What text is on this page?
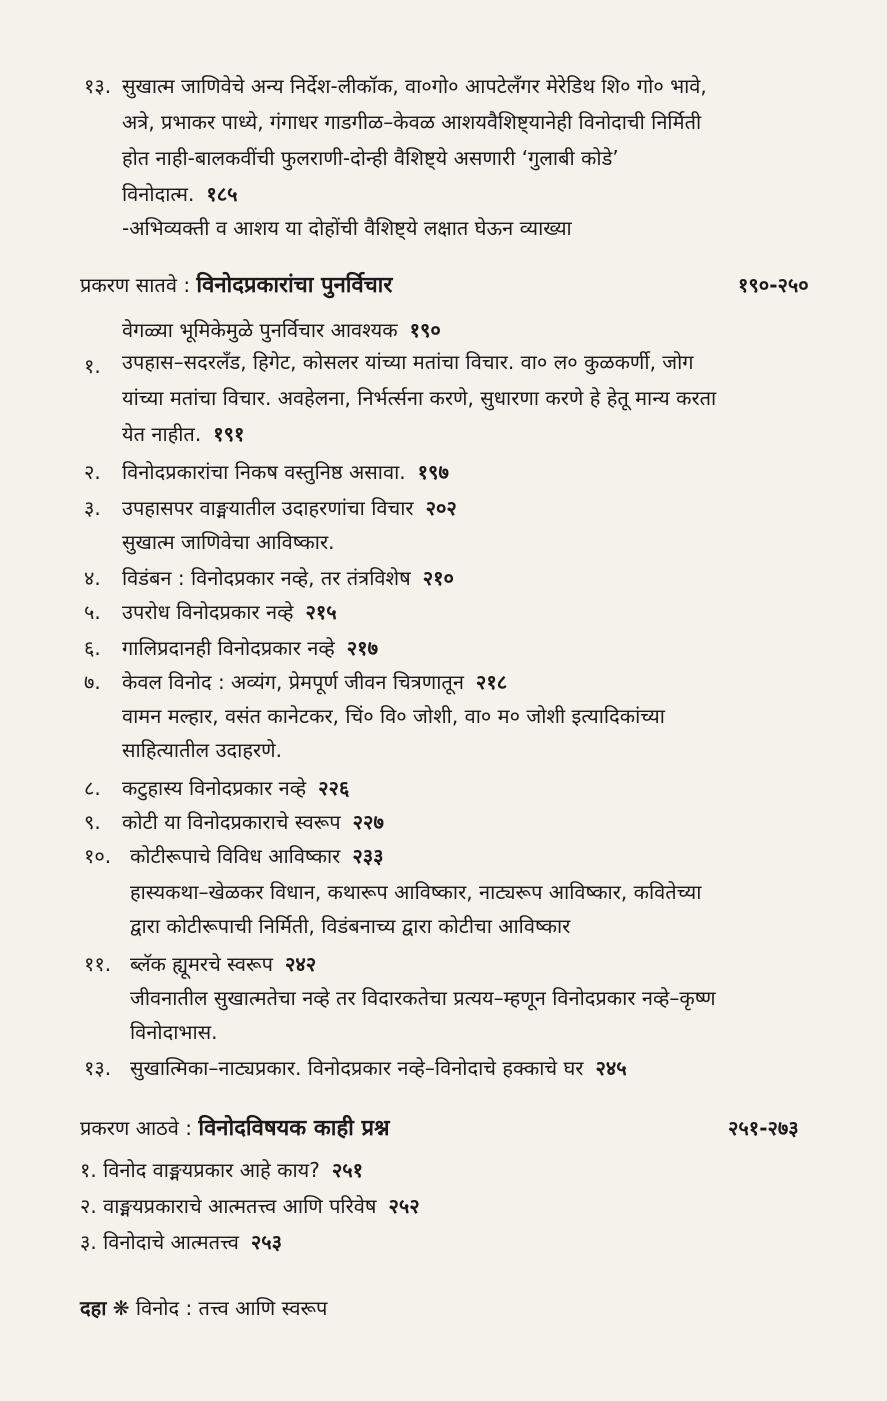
१३. सुखात्म जाणिवेचे अन्य निर्देश-लीकॉक, वा०गो० आपटेलँगर मेरेडिथ शि० गो० भावे,
अत्रे, प्रभाकर पाध्ये, गंगाधर गाडगीळ–केवळ आशयवैशिष्ट्यानेही विनोदाची निर्मिती
होत नाही-बालकवींची फुलराणी-दोन्ही वैशिष्ट्ये असणारी ‘गुलाबी कोडे’
विनोदात्म. १८५
-अभिव्यक्ती व आशय या दोहोंची वैशिष्ट्ये लक्षात घेऊन व्याख्या
प्रकरण सातवे : विनोदप्रकारांचा पुनर्विचार	१९०-२५०
वेगळ्या भूमिकेमुळे पुनर्विचार आवश्यक १९०
१. उपहास–सदरलँड, हिगेट, कोसलर यांच्या मतांचा विचार. वा० ल० कुळकर्णी, जोग
यांच्या मतांचा विचार. अवहेलना, निर्भर्त्सना करणे, सुधारणा करणे हे हेतू मान्य करता
येत नाहीत. १९१
२. विनोदप्रकारांचा निकष वस्तुनिष्ठ असावा. १९७
३. उपहासपर वाङ्मयातील उदाहरणांचा विचार २०२
सुखात्म जाणिवेचा आविष्कार.
४. विडंबन : विनोदप्रकार नव्हे, तर तंत्रविशेष २१०
५. उपरोध विनोदप्रकार नव्हे २१५
६. गालिप्रदानही विनोदप्रकार नव्हे २१७
७. केवल विनोद : अव्यंग, प्रेमपूर्ण जीवन चित्रणातून २१८
वामन मल्हार, वसंत कानेटकर, चिं० वि० जोशी, वा० म० जोशी इत्यादिकांच्या
साहित्यातील उदाहरणे.
८. कटुहास्य विनोदप्रकार नव्हे २२६
९. कोटी या विनोदप्रकाराचे स्वरूप २२७
१०. कोटीरूपाचे विविध आविष्कार २३३
हास्यकथा–खेळकर विधान, कथारूप आविष्कार, नाट्यरूप आविष्कार, कवितेच्या
द्वारा कोटीरूपाची निर्मिती, विडंबनाच्य द्वारा कोटीचा आविष्कार
११. ब्लॅक ह्यूमरचे स्वरूप २४२
जीवनातील सुखात्मतेचा नव्हे तर विदारकतेचा प्रत्यय–म्हणून विनोदप्रकार नव्हे–कृष्ण
विनोदाभास.
१३. सुखात्मिका–नाट्यप्रकार. विनोदप्रकार नव्हे–विनोदाचे हक्काचे घर २४५
प्रकरण आठवे : विनोदविषयक काही प्रश्न	२५१-२७३
१. विनोद वाङ्मयप्रकार आहे काय? २५१
२. वाङ्मयप्रकाराचे आत्मतत्त्व आणि परिवेष २५२
३. विनोदाचे आत्मतत्त्व २५३
दहा ❋ विनोद : तत्त्व आणि स्वरूप
